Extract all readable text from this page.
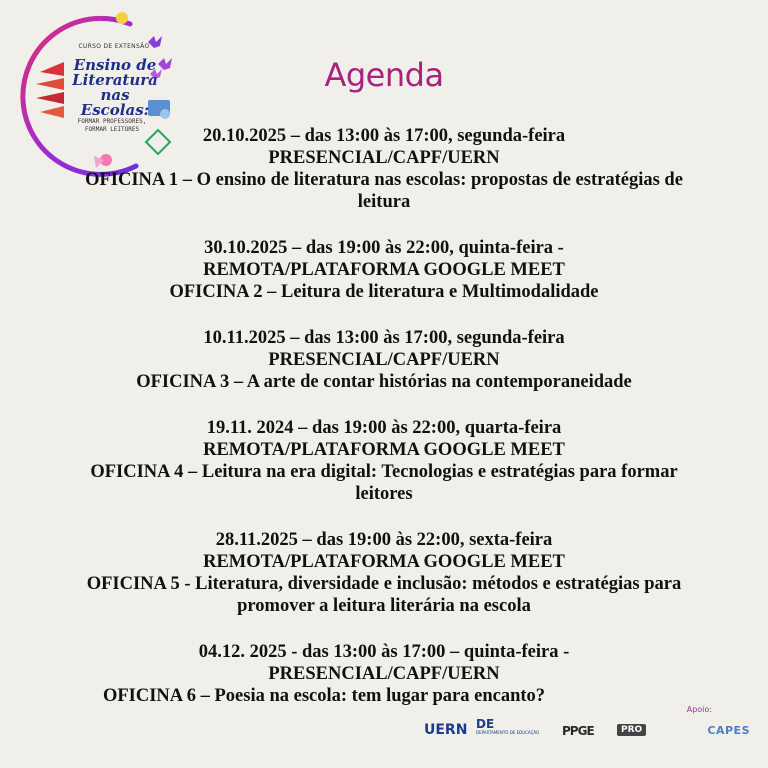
CURSO DE EXTENSÃO
Ensino de Literatura nas Escolas:
FORMAR PROFESSORES, FORMAR LEITORES
Agenda
20.10.2025 – das 13:00 às 17:00, segunda-feira
PRESENCIAL/CAPF/UERN
OFICINA 1 – O ensino de literatura nas escolas: propostas de estratégias de leitura
30.10.2025 – das 19:00 às 22:00, quinta-feira -
REMOTA/PLATAFORMA GOOGLE MEET
OFICINA 2 – Leitura de literatura e Multimodalidade
10.11.2025 – das 13:00 às 17:00, segunda-feira
PRESENCIAL/CAPF/UERN
OFICINA 3 – A arte de contar histórias na contemporaneidade
19.11. 2024 – das 19:00 às 22:00, quarta-feira
REMOTA/PLATAFORMA GOOGLE MEET
OFICINA 4 – Leitura na era digital: Tecnologias e estratégias para formar leitores
28.11.2025 – das 19:00 às 22:00, sexta-feira
REMOTA/PLATAFORMA GOOGLE MEET
OFICINA 5 - Literatura, diversidade e inclusão: métodos e estratégias para promover a leitura literária na escola
04.12. 2025 - das 13:00 às 17:00 – quinta-feira -
PRESENCIAL/CAPF/UERN
OFICINA 6 – Poesia na escola: tem lugar para encanto?
Apoio:
CAPES
UERN DE
DEPARTAMENTO DE EDUCAÇÃO PPGE	PRO
